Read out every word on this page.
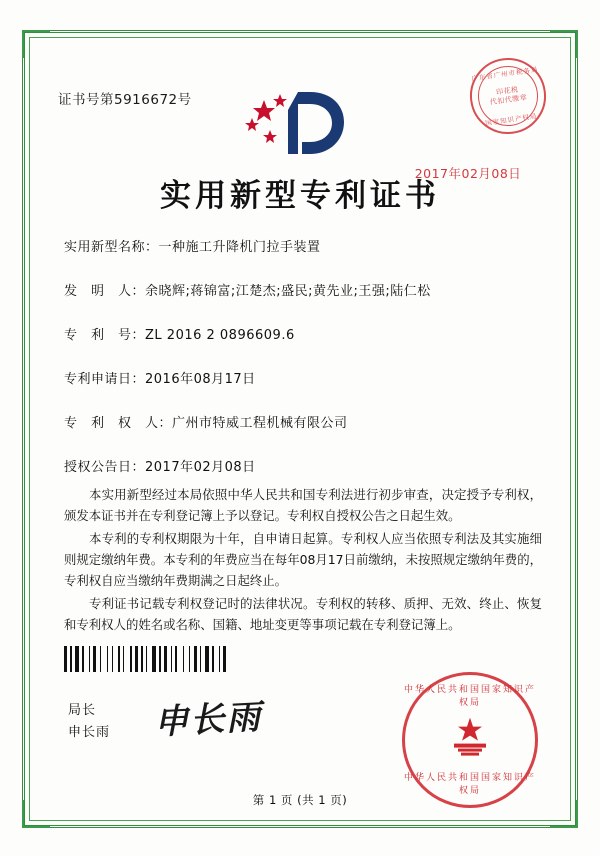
证书号第5916672号
广东省广州市税务局
印花税
代扣代缴章
国家知识产权局
实用新型专利证书
实用新型名称：一种施工升降机门拉手装置
发　明　人：余晓辉;蒋锦富;江楚杰;盛民;黄先业;王强;陆仁松
专　利　号：ZL 2016 2 0896609.6
专利申请日：2016年08月17日
专　利　权　人：广州市特威工程机械有限公司
授权公告日：2017年02月08日

本实用新型经过本局依照中华人民共和国专利法进行初步审查，决定授予专利权，颁发本证书并在专利登记簿上予以登记。专利权自授权公告之日起生效。

本专利的专利权期限为十年，自申请日起算。专利权人应当依照专利法及其实施细则规定缴纳年费。本专利的年费应当在每年08月17日前缴纳，未按照规定缴纳年费的，专利权自应当缴纳年费期满之日起终止。

专利证书记载专利权登记时的法律状况。专利权的转移、质押、无效、终止、恢复和专利权人的姓名或名称、国籍、地址变更等事项记载在专利登记簿上。

局长
申长雨 申长雨
中华人民共和国国家知识产权局
中华人民共和国国家知识产权局
2017年02月08日
第 1 页 (共 1 页)
